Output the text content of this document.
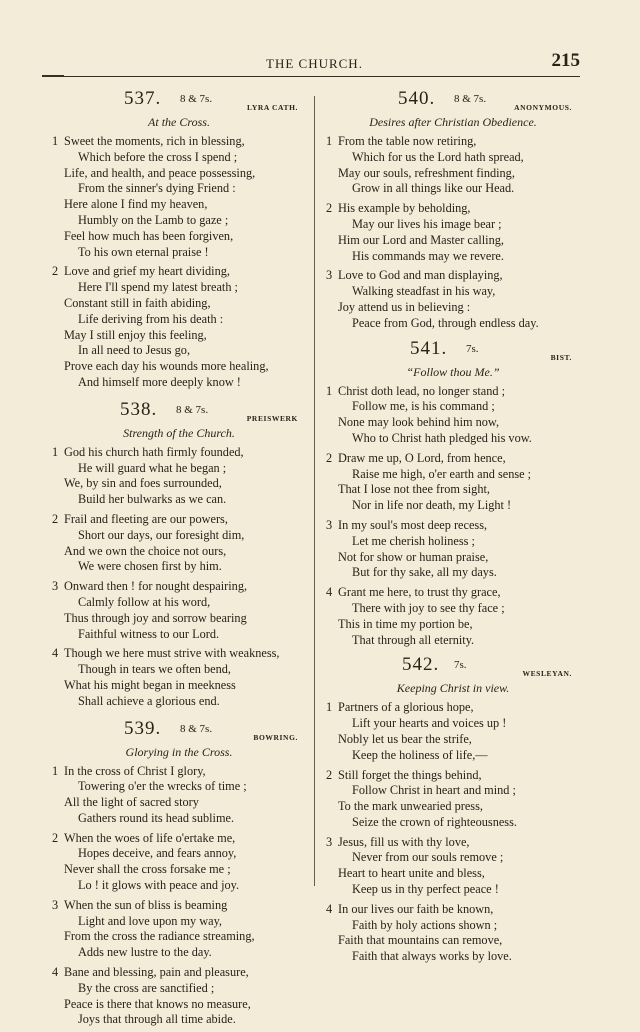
THE CHURCH.	215
537. 8 & 7s.
LYRA CATH.
At the Cross.
1 Sweet the moments, rich in blessing,
Which before the cross I spend ;
Life, and health, and peace possessing,
From the sinner's dying Friend :
Here alone I find my heaven,
Humbly on the Lamb to gaze ;
Feel how much has been forgiven,
To his own eternal praise !
2 Love and grief my heart dividing,
Here I'll spend my latest breath ;
Constant still in faith abiding,
Life deriving from his death :
May I still enjoy this feeling,
In all need to Jesus go,
Prove each day his wounds more healing,
And himself more deeply know !
538. 8 & 7s.
PREISWERK
Strength of the Church.
1 God his church hath firmly founded,
He will guard what he began ;
We, by sin and foes surrounded,
Build her bulwarks as we can.
2 Frail and fleeting are our powers,
Short our days, our foresight dim,
And we own the choice not ours,
We were chosen first by him.
3 Onward then ! for nought despairing,
Calmly follow at his word,
Thus through joy and sorrow bearing
Faithful witness to our Lord.
4 Though we here must strive with weakness,
Though in tears we often bend,
What his might began in meekness
Shall achieve a glorious end.
539. 8 & 7s.
BOWRING.
Glorying in the Cross.
1 In the cross of Christ I glory,
Towering o'er the wrecks of time ;
All the light of sacred story
Gathers round its head sublime.
2 When the woes of life o'ertake me,
Hopes deceive, and fears annoy,
Never shall the cross forsake me ;
Lo ! it glows with peace and joy.
3 When the sun of bliss is beaming
Light and love upon my way,
From the cross the radiance streaming,
Adds new lustre to the day.
4 Bane and blessing, pain and pleasure,
By the cross are sanctified ;
Peace is there that knows no measure,
Joys that through all time abide.
540. 8 & 7s.
ANONYMOUS.
Desires after Christian Obedience.
1 From the table now retiring,
Which for us the Lord hath spread,
May our souls, refreshment finding,
Grow in all things like our Head.
2 His example by beholding,
May our lives his image bear ;
Him our Lord and Master calling,
His commands may we revere.
3 Love to God and man displaying,
Walking steadfast in his way,
Joy attend us in believing :
Peace from God, through endless day.
541. 7s.
BIST.
“Follow thou Me.”
1 Christ doth lead, no longer stand ;
Follow me, is his command ;
None may look behind him now,
Who to Christ hath pledged his vow.
2 Draw me up, O Lord, from hence,
Raise me high, o'er earth and sense ;
That I lose not thee from sight,
Nor in life nor death, my Light !
3 In my soul's most deep recess,
Let me cherish holiness ;
Not for show or human praise,
But for thy sake, all my days.
4 Grant me here, to trust thy grace,
There with joy to see thy face ;
This in time my portion be,
That through all eternity.
542. 7s.
WESLEYAN.
Keeping Christ in view.
1 Partners of a glorious hope,
Lift your hearts and voices up !
Nobly let us bear the strife,
Keep the holiness of life,—
2 Still forget the things behind,
Follow Christ in heart and mind ;
To the mark unwearied press,
Seize the crown of righteousness.
3 Jesus, fill us with thy love,
Never from our souls remove ;
Heart to heart unite and bless,
Keep us in thy perfect peace !
4 In our lives our faith be known,
Faith by holy actions shown ;
Faith that mountains can remove,
Faith that always works by love.
